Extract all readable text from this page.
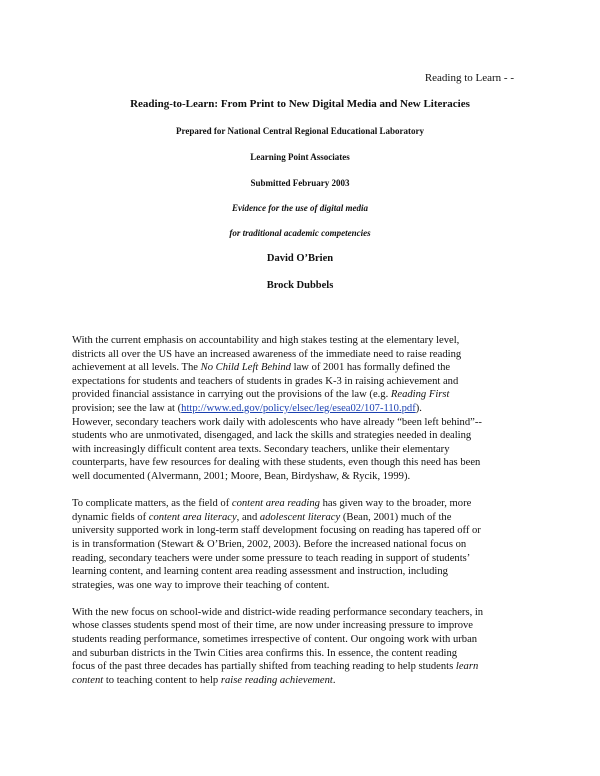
Reading to Learn - -
Reading-to-Learn: From Print to New Digital Media and New Literacies
Prepared for National Central Regional Educational Laboratory
Learning Point Associates
Submitted February 2003
Evidence for the use of digital media
for traditional academic competencies
David O’Brien
Brock Dubbels
With the current emphasis on accountability and high stakes testing at the elementary level,
districts all over the US have an increased awareness of the immediate need to raise reading
achievement at all levels. The No Child Left Behind law of 2001 has formally defined the
expectations for students and teachers of students in grades K-3 in raising achievement and
provided financial assistance in carrying out the provisions of the law (e.g. Reading First
provision; see the law at (http://www.ed.gov/policy/elsec/leg/esea02/107-110.pdf).
However, secondary teachers work daily with adolescents who have already “been left behind”--
students who are unmotivated, disengaged, and lack the skills and strategies needed in dealing
with increasingly difficult content area texts. Secondary teachers, unlike their elementary
counterparts, have few resources for dealing with these students, even though this need has been
well documented (Alvermann, 2001; Moore, Bean, Birdyshaw, & Rycik, 1999).
To complicate matters, as the field of content area reading has given way to the broader, more
dynamic fields of content area literacy, and adolescent literacy (Bean, 2001) much of the
university supported work in long-term staff development focusing on reading has tapered off or
is in transformation (Stewart & O’Brien, 2002, 2003). Before the increased national focus on
reading, secondary teachers were under some pressure to teach reading in support of students’
learning content, and learning content area reading assessment and instruction, including
strategies, was one way to improve their teaching of content.
With the new focus on school-wide and district-wide reading performance secondary teachers, in
whose classes students spend most of their time, are now under increasing pressure to improve
students reading performance, sometimes irrespective of content. Our ongoing work with urban
and suburban districts in the Twin Cities area confirms this. In essence, the content reading
focus of the past three decades has partially shifted from teaching reading to help students learn
content to teaching content to help raise reading achievement.
